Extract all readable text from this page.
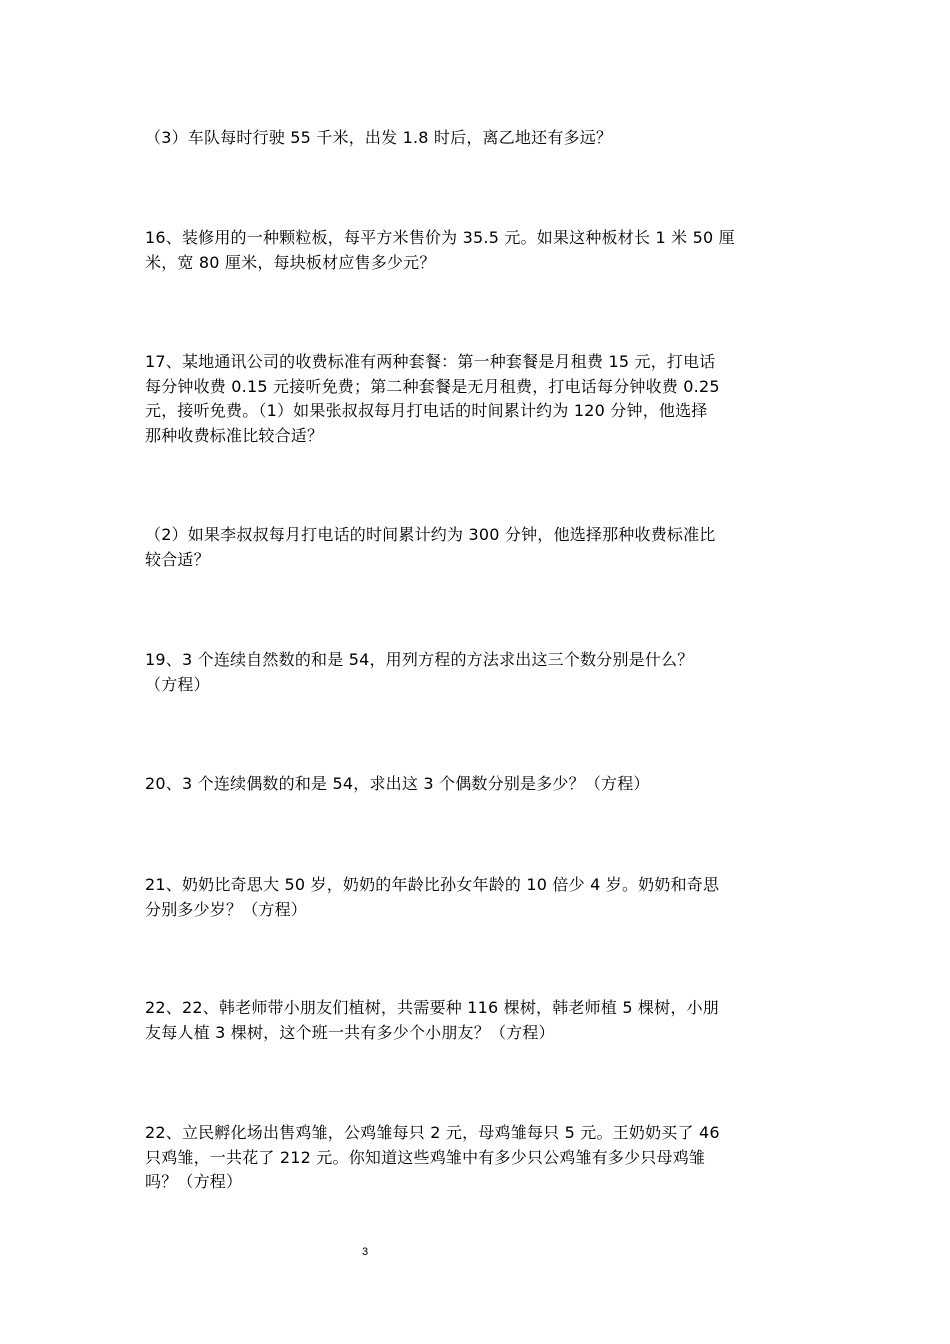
（3）车队每时行驶 55 千米，出发 1.8 时后，离乙地还有多远？

16、装修用的一种颗粒板，每平方米售价为 35.5 元。如果这种板材长 1 米 50 厘
米，宽 80 厘米，每块板材应售多少元？

17、某地通讯公司的收费标准有两种套餐：第一种套餐是月租费 15 元，打电话
每分钟收费 0.15 元接听免费；第二种套餐是无月租费，打电话每分钟收费 0.25
元，接听免费。（1）如果张叔叔每月打电话的时间累计约为 120 分钟，他选择
那种收费标准比较合适？

（2）如果李叔叔每月打电话的时间累计约为 300 分钟，他选择那种收费标准比
较合适？

19、3 个连续自然数的和是 54，用列方程的方法求出这三个数分别是什么？
（方程）

20、3 个连续偶数的和是 54，求出这 3 个偶数分别是多少？（方程）

21、奶奶比奇思大 50 岁，奶奶的年龄比孙女年龄的 10 倍少 4 岁。奶奶和奇思
分别多少岁？（方程）

22、22、韩老师带小朋友们植树，共需要种 116 棵树，韩老师植 5 棵树，小朋
友每人植 3 棵树，这个班一共有多少个小朋友？（方程）

22、立民孵化场出售鸡雏，公鸡雏每只 2 元，母鸡雏每只 5 元。王奶奶买了 46
只鸡雏，一共花了 212 元。你知道这些鸡雏中有多少只公鸡雏有多少只母鸡雏
吗？（方程）

3
